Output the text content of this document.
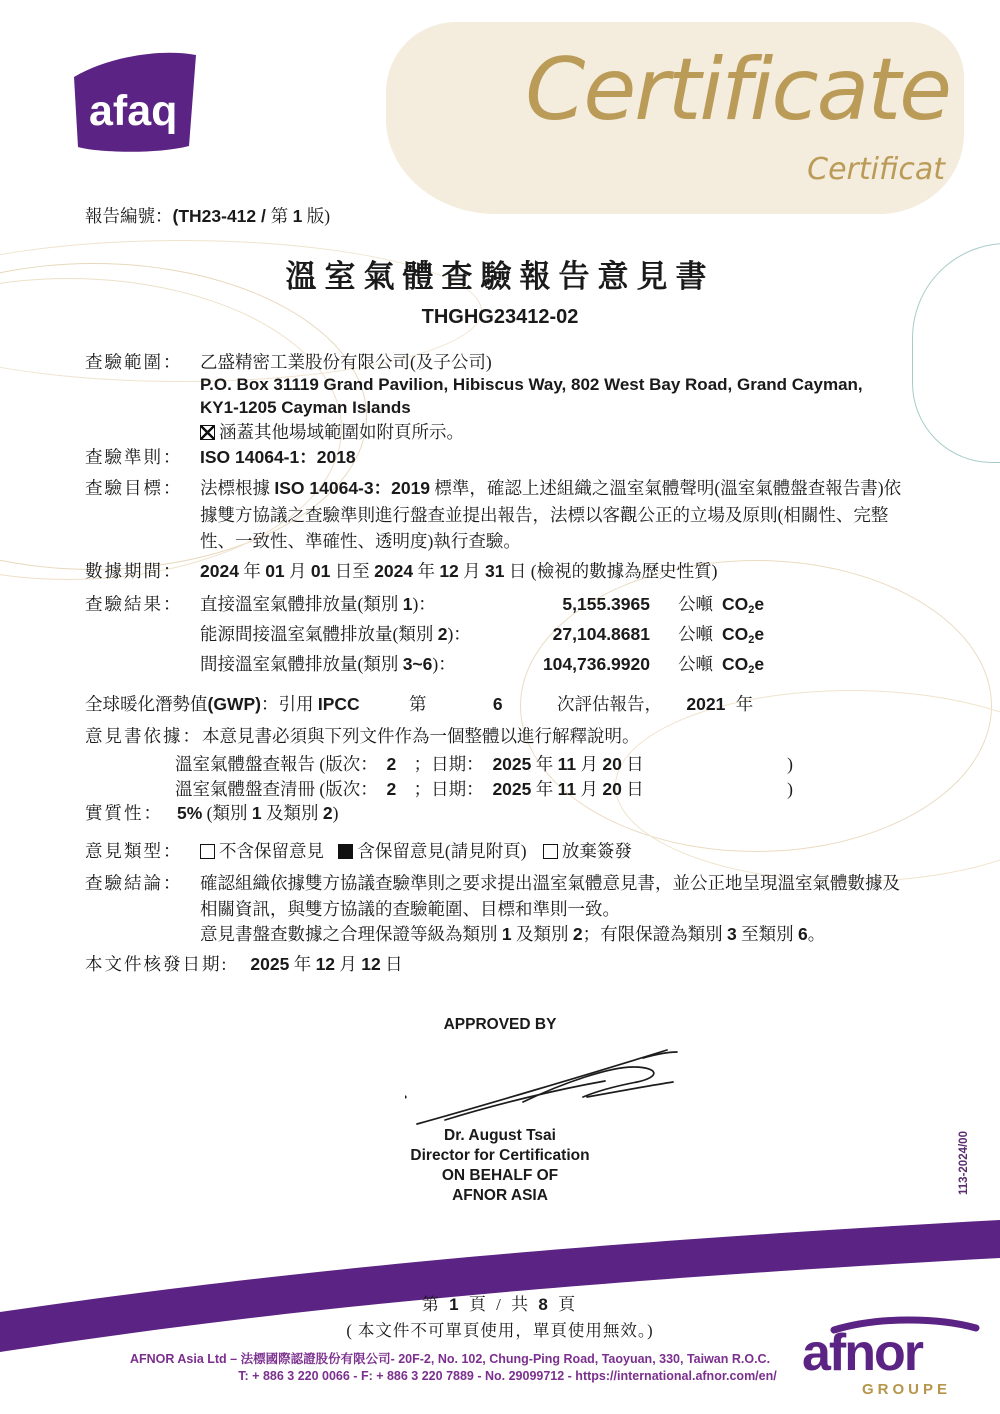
afaq	Certificate
Certificat
報告編號：(TH23-412 / 第 1 版)
溫室氣體查驗報告意見書
THGHG23412-02
查驗範圍： 乙盛精密工業股份有限公司(及子公司)
P.O. Box 31119 Grand Pavilion, Hibiscus Way, 802 West Bay Road, Grand Cayman,
KY1-1205 Cayman Islands
涵蓋其他場域範圍如附頁所示。
查驗準則： ISO 14064-1：2018
查驗目標： 法標根據 ISO 14064-3：2019 標準，確認上述組織之溫室氣體聲明(溫室氣體盤查報告書)依據雙方協議之查驗準則進行盤查並提出報告，法標以客觀公正的立場及原則(相關性、完整性、一致性、準確性、透明度)執行查驗。
數據期間： 2024 年 01 月 01 日至 2024 年 12 月 31 日 (檢視的數據為歷史性質)
查驗結果： 直接溫室氣體排放量(類別 1)：	5,155.3965 公噸 $CO_2e$
能源間接溫室氣體排放量(類別 2)：	27,104.8681 公噸 $CO_2e$
間接溫室氣體排放量(類別 3~6)：	104,736.9920 公噸 $CO_2e$
全球暖化潛勢值(GWP)：引用 IPCC	第	6	次評估報告， 2021 年
意見書依據：本意見書必須與下列文件作為一個整體以進行解釋說明。
溫室氣體盤查報告 (版次：　2　；日期：　2025 年 11 月 20 日	)
溫室氣體盤查清冊 (版次：　2　；日期：　2025 年 11 月 20 日	)
實質性： 5% (類別 1 及類別 2)
意見類型：	不含保留意見 含保留意見(請見附頁) 放棄簽發
查驗結論： 確認組織依據雙方協議查驗準則之要求提出溫室氣體意見書，並公正地呈現溫室氣體數據及相關資訊，與雙方協議的查驗範圍、目標和準則一致。
意見書盤查數據之合理保證等級為類別 1 及類別 2；有限保證為類別 3 至類別 6。
本文件核發日期: 2025 年 12 月 12 日
APPROVED BY
Dr. August Tsai
Director for Certification
ON BEHALF OF
AFNOR ASIA
113-2024/00
第 1 頁 / 共 8 頁
( 本文件不可單頁使用，單頁使用無效。)
AFNOR Asia Ltd – 法標國際認證股份有限公司- 20F-2, No. 102, Chung-Ping Road, Taoyuan, 330, Taiwan R.O.C.
T: + 886 3 220 0066 - F: + 886 3 220 7889 - No. 29099712 - https://international.afnor.com/en/ afnor
GROUPE
